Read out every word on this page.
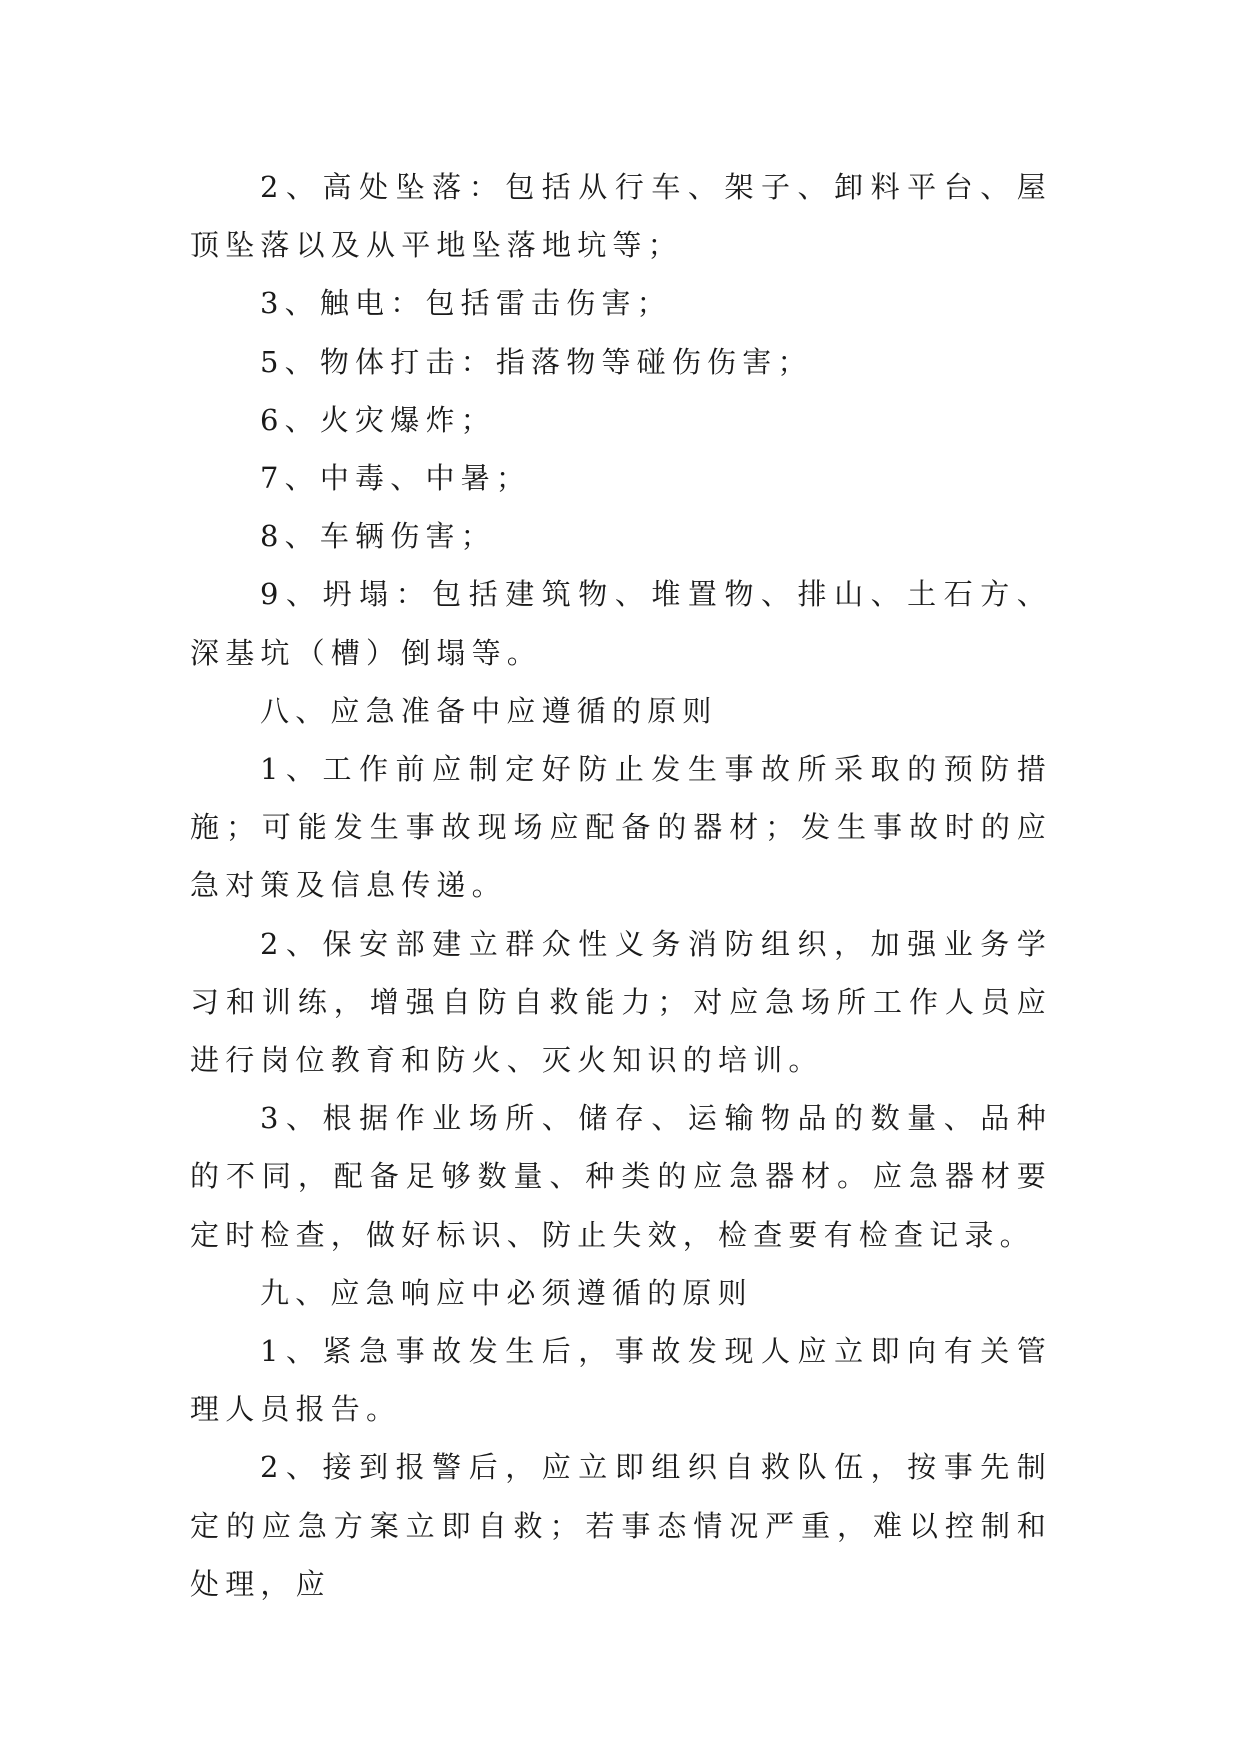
2、高处坠落：包括从行车、架子、卸料平台、屋顶坠落以及从平地坠落地坑等；

3、触电：包括雷击伤害；

5、物体打击：指落物等碰伤伤害；

6、火灾爆炸；

7、中毒、中暑；

8、车辆伤害；

9、坍塌：包括建筑物、堆置物、排山、土石方、深基坑（槽）倒塌等。

八、应急准备中应遵循的原则

1、工作前应制定好防止发生事故所采取的预防措施；可能发生事故现场应配备的器材；发生事故时的应急对策及信息传递。

2、保安部建立群众性义务消防组织，加强业务学习和训练，增强自防自救能力；对应急场所工作人员应进行岗位教育和防火、灭火知识的培训。

3、根据作业场所、储存、运输物品的数量、品种的不同，配备足够数量、种类的应急器材。应急器材要定时检查，做好标识、防止失效，检查要有检查记录。

九、应急响应中必须遵循的原则

1、紧急事故发生后，事故发现人应立即向有关管理人员报告。

2、接到报警后，应立即组织自救队伍，按事先制定的应急方案立即自救；若事态情况严重，难以控制和处理，应
